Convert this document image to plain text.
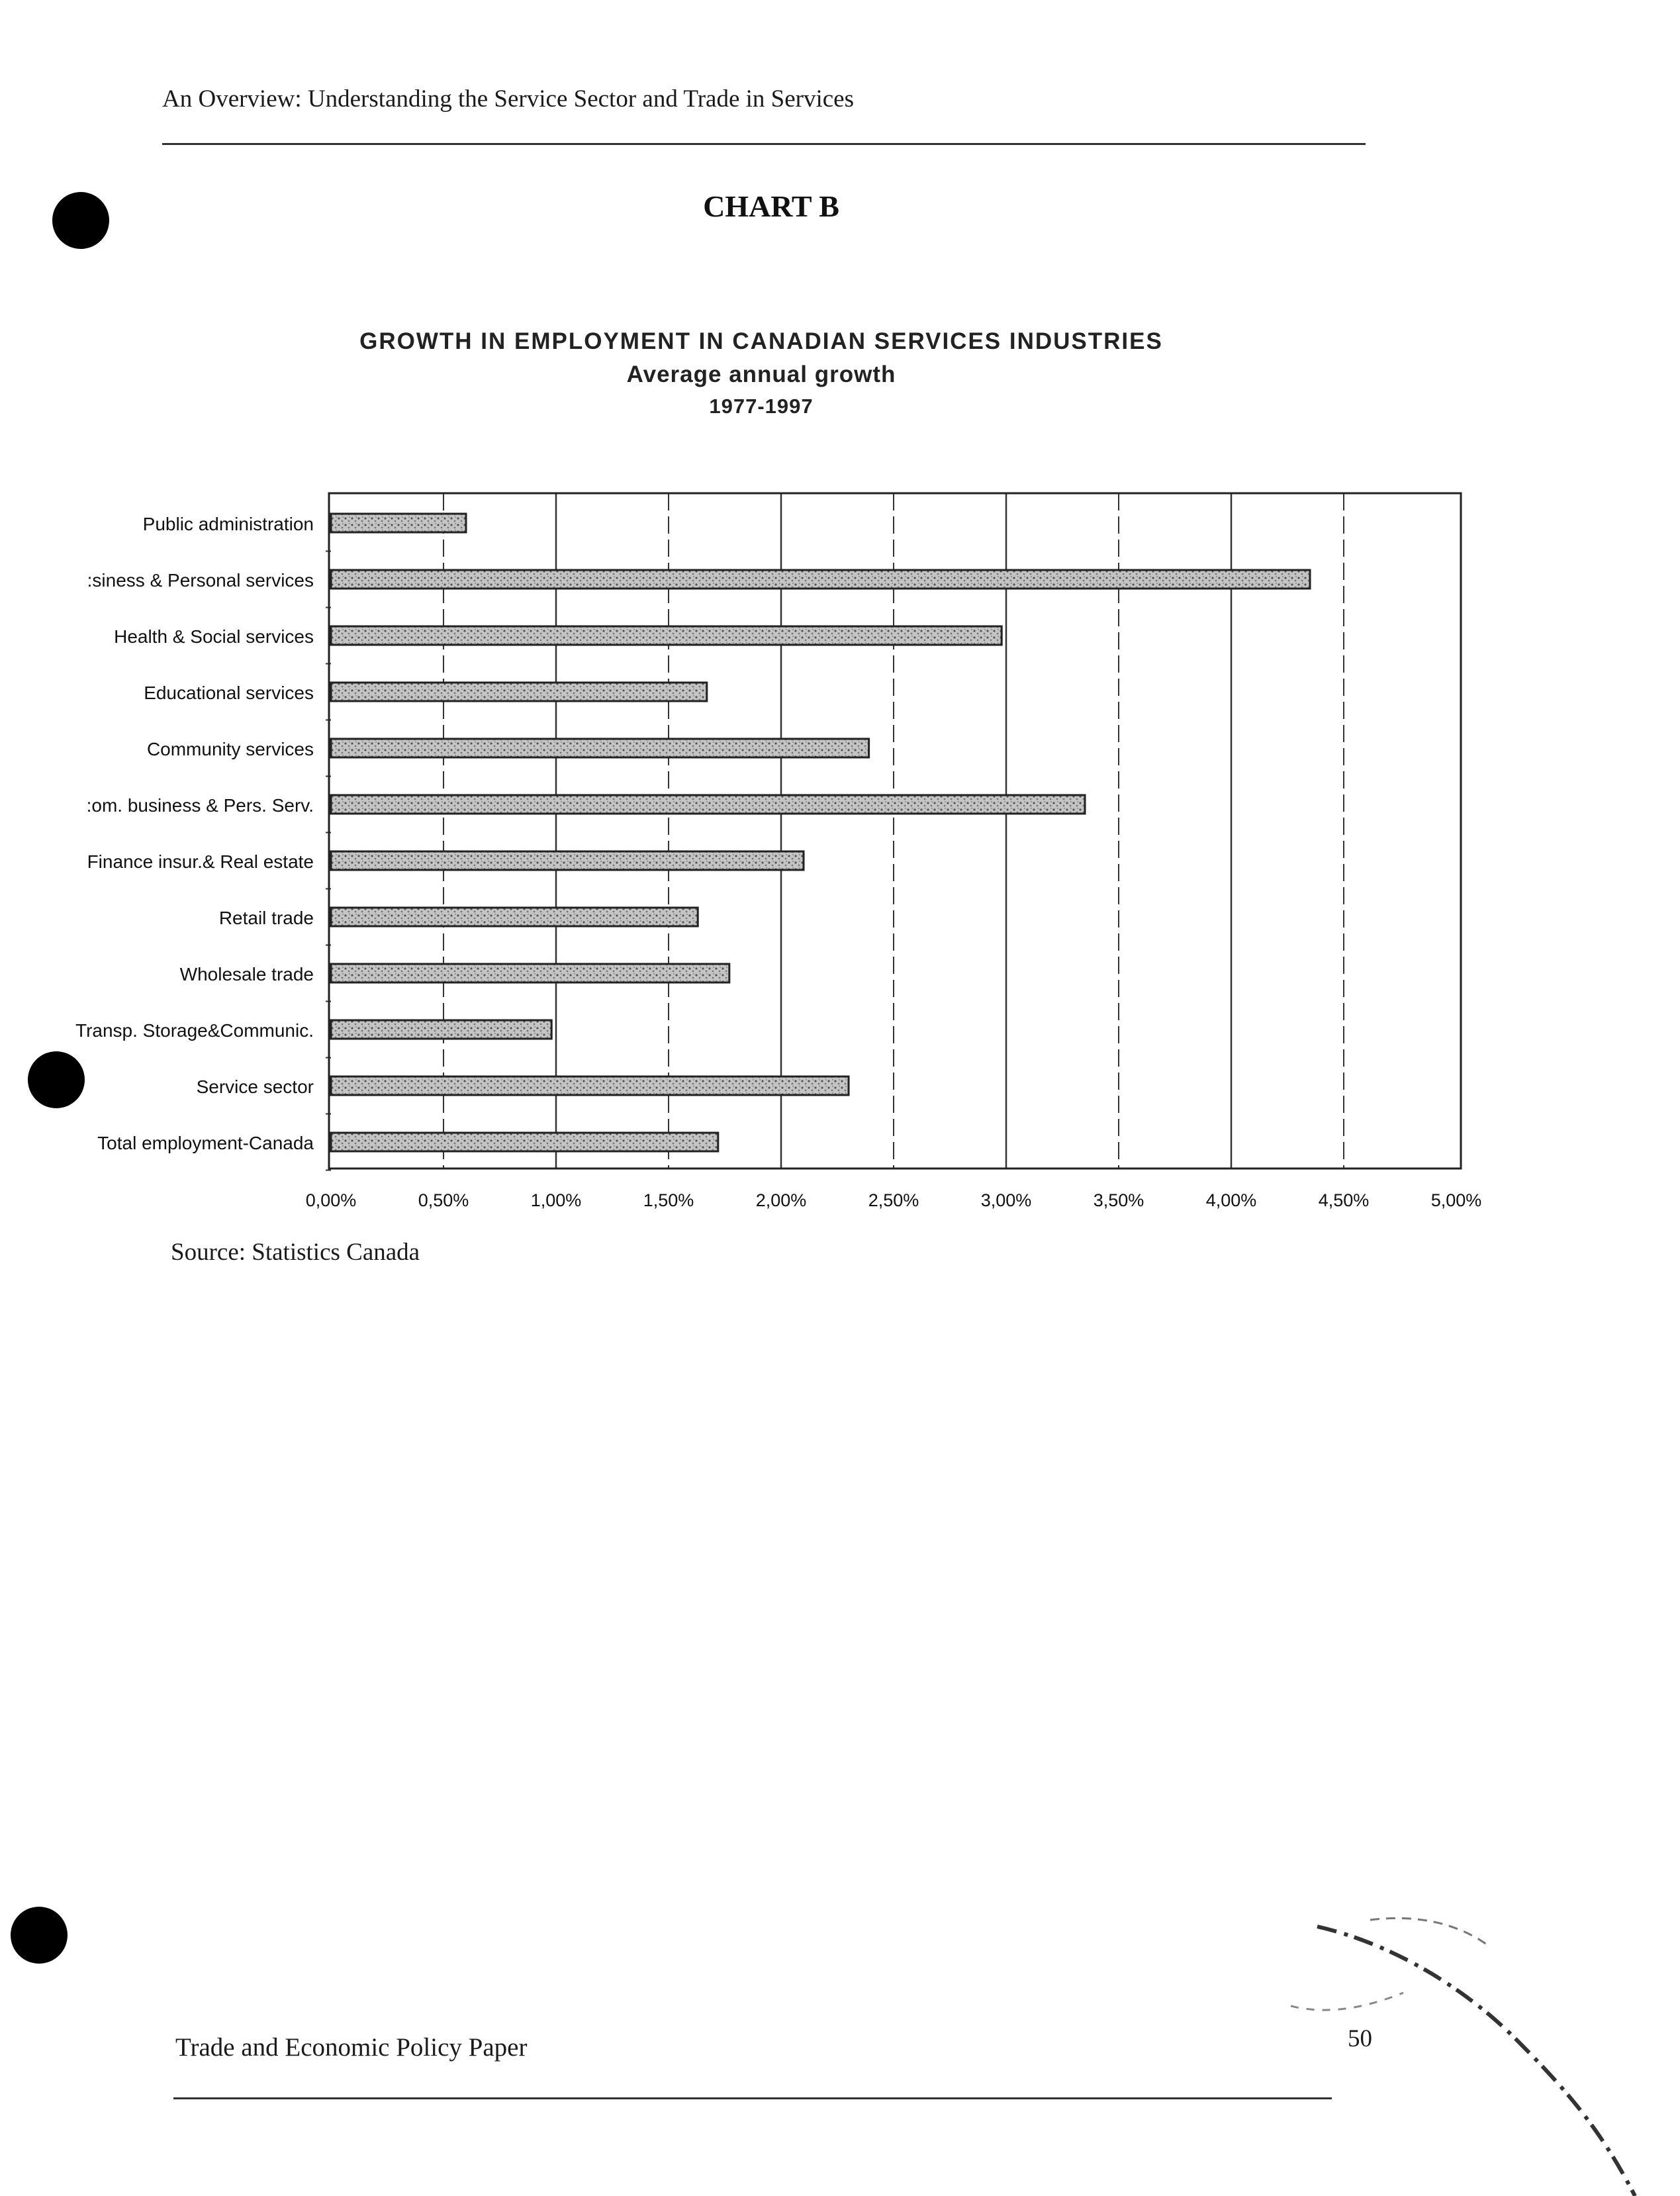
An Overview: Understanding the Service Sector and Trade in Services
CHART B
GROWTH IN EMPLOYMENT IN CANADIAN SERVICES INDUSTRIES
Average annual growth
1977-1997
Public administration
:siness & Personal services
Health & Social services
Educational services
Community services
:om. business & Pers. Serv.
Finance insur.& Real estate
Retail trade
Wholesale trade
Transp. Storage&Communic.
Service sector
Total employment-Canada
0,00%	0,50%	1,00%	1,50%	2,00%	2,50%	3,00%	3,50%	4,00%	4,50%	5,00%
Source: Statistics Canada
Trade and Economic Policy Paper	50
